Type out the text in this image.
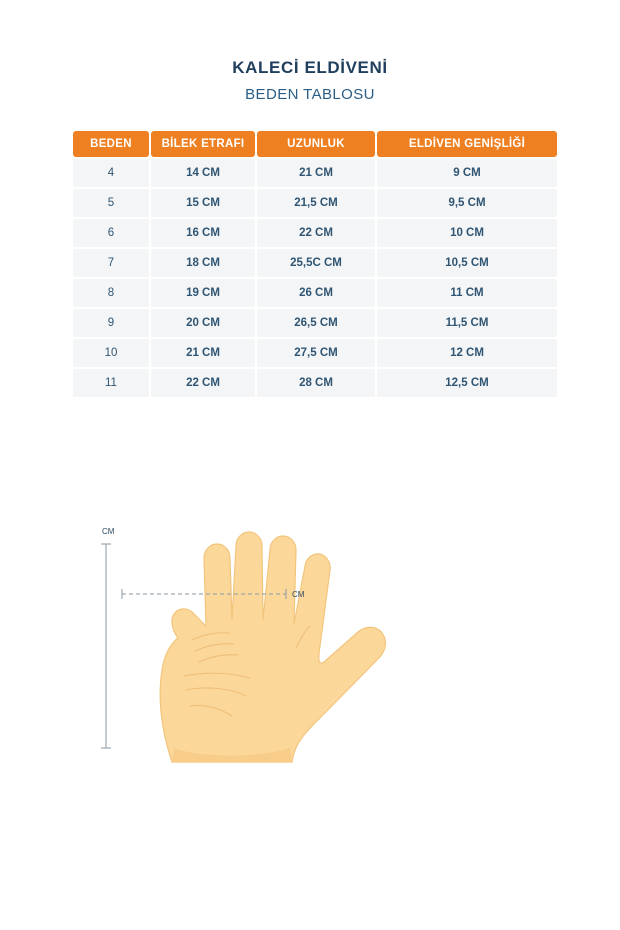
KALECİ ELDİVENİ
BEDEN TABLOSU
BEDEN	BİLEK ETRAFI	UZUNLUK	ELDİVEN GENİŞLİĞİ
4	14 CM	21 CM	9 CM
5	15 CM	21,5 CM	9,5 CM
6	16 CM	22 CM	10 CM
7	18 CM	25,5C CM	10,5 CM
8	19 CM	26 CM	11 CM
9	20 CM	26,5 CM	11,5 CM
10	21 CM	27,5 CM	12 CM
11	22 CM	28 CM	12,5 CM
CM
CM
